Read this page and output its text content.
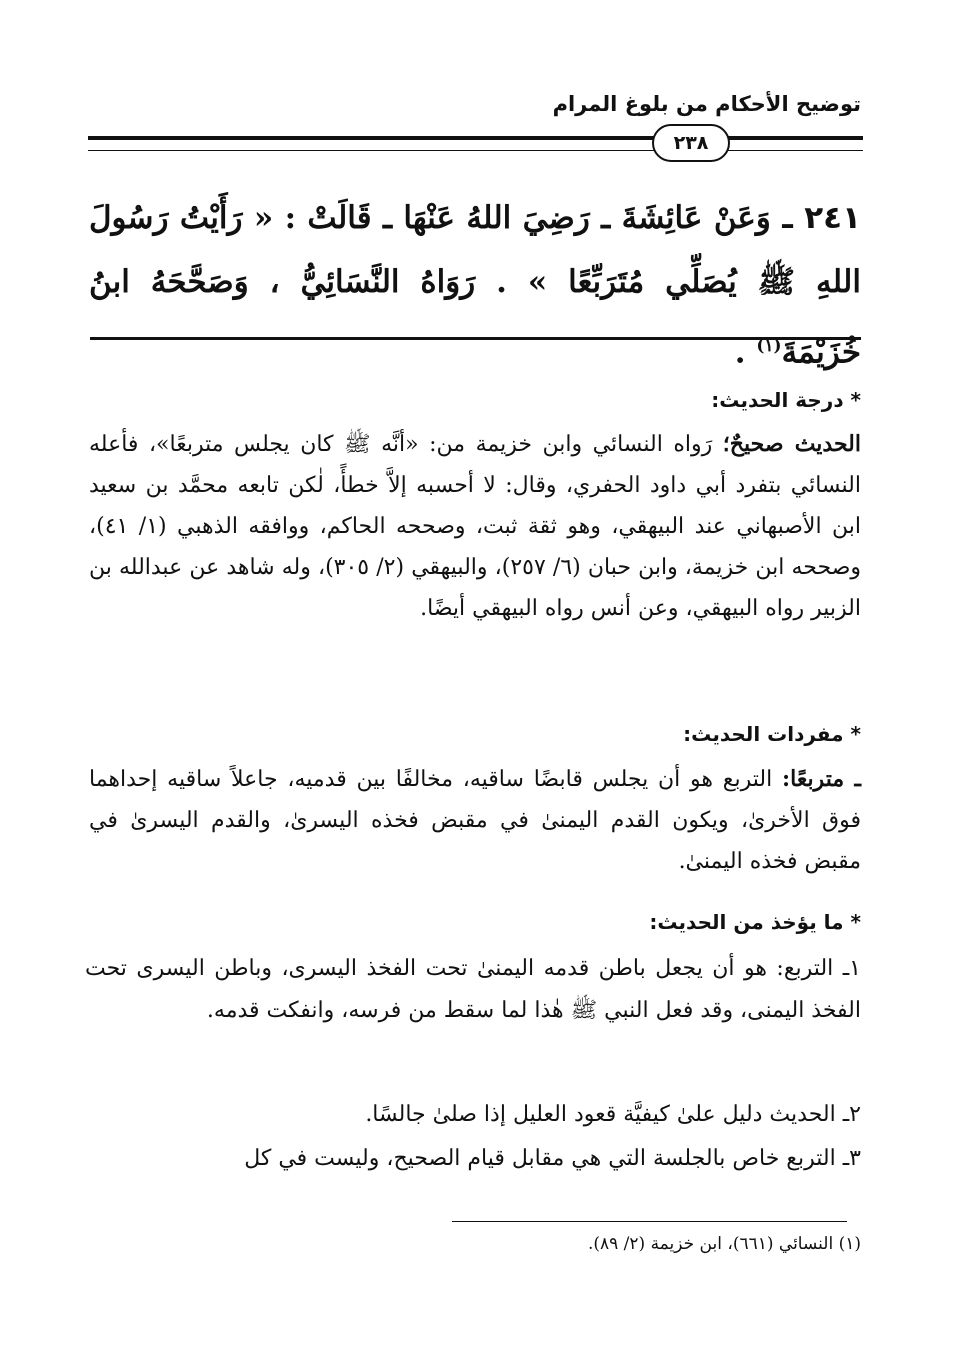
توضيح الأحكام من بلوغ المرام
٢٣٨
٢٤١ ـ وَعَنْ عَائِشَةَ ـ رَضِيَ اللهُ عَنْهَا ـ قَالَتْ : « رَأَيْتُ رَسُولَ اللهِ ﷺ يُصَلِّي مُتَرَبِّعًا » . رَوَاهُ النَّسَائِيُّ ، وَصَحَّحَهُ ابنُ خُزَيْمَةَ$^{(١)}$ .
* درجة الحديث:
الحديث صحيحٌ؛ رَواه النسائي وابن خزيمة من: «أنَّه ﷺ كان يجلس متربعًا»، فأعله النسائي بتفرد أبي داود الحفري، وقال: لا أحسبه إلاَّ خطأً، لٰكن تابعه محمَّد بن سعيد ابن الأصبهاني عند البيهقي، وهو ثقة ثبت، وصححه الحاكم، ووافقه الذهبي (١/ ٤١)، وصححه ابن خزيمة، وابن حبان (٦/ ٢٥٧)، والبيهقي (٢/ ٣٠٥)، وله شاهد عن عبدالله بن الزبير رواه البيهقي، وعن أنس رواه البيهقي أيضًا.
* مفردات الحديث:
ـ متربعًا: التربع هو أن يجلس قابضًا ساقيه، مخالفًا بين قدميه، جاعلاً ساقيه إحداهما فوق الأخرىٰ، ويكون القدم اليمنىٰ في مقبض فخذه اليسرىٰ، والقدم اليسرىٰ في مقبض فخذه اليمنىٰ.
* ما يؤخذ من الحديث:
١ـ التربع: هو أن يجعل باطن قدمه اليمنىٰ تحت الفخذ اليسرى، وباطن اليسرى تحت الفخذ اليمنى، وقد فعل النبي ﷺ هٰذا لما سقط من فرسه، وانفكت قدمه.
٢ـ الحديث دليل علىٰ كيفيَّة قعود العليل إذا صلىٰ جالسًا.
٣ـ التربع خاص بالجلسة التي هي مقابل قيام الصحيح، وليست في كل
(١) النسائي (٦٦١)، ابن خزيمة (٢/ ٨٩).
